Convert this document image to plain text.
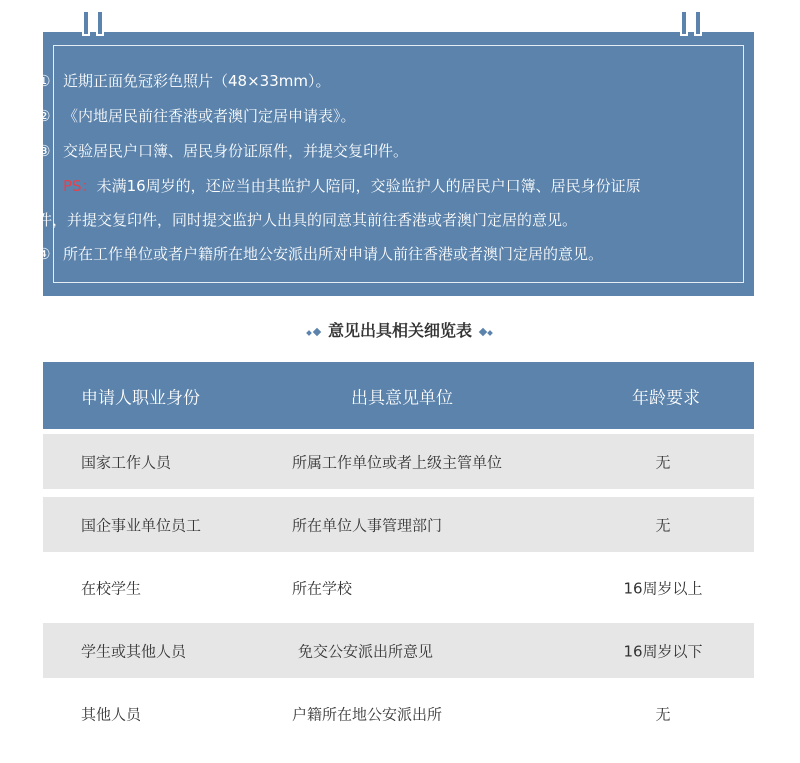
① 近期正面免冠彩色照片（48×33mm）。
② 《内地居民前往香港或者澳门定居申请表》。
③ 交验居民户口簿、居民身份证原件，并提交复印件。
PS：未满16周岁的，还应当由其监护人陪同，交验监护人的居民户口簿、居民身份证原
件，并提交复印件，同时提交监护人出具的同意其前往香港或者澳门定居的意见。
④ 所在工作单位或者户籍所在地公安派出所对申请人前往香港或者澳门定居的意见。
意见出具相关细览表
申请人职业身份	出具意见单位	年龄要求
国家工作人员	所属工作单位或者上级主管单位	无
国企事业单位员工	所在单位人事管理部门	无
在校学生	所在学校	16周岁以上
学生或其他人员	免交公安派出所意见	16周岁以下
其他人员	户籍所在地公安派出所	无
